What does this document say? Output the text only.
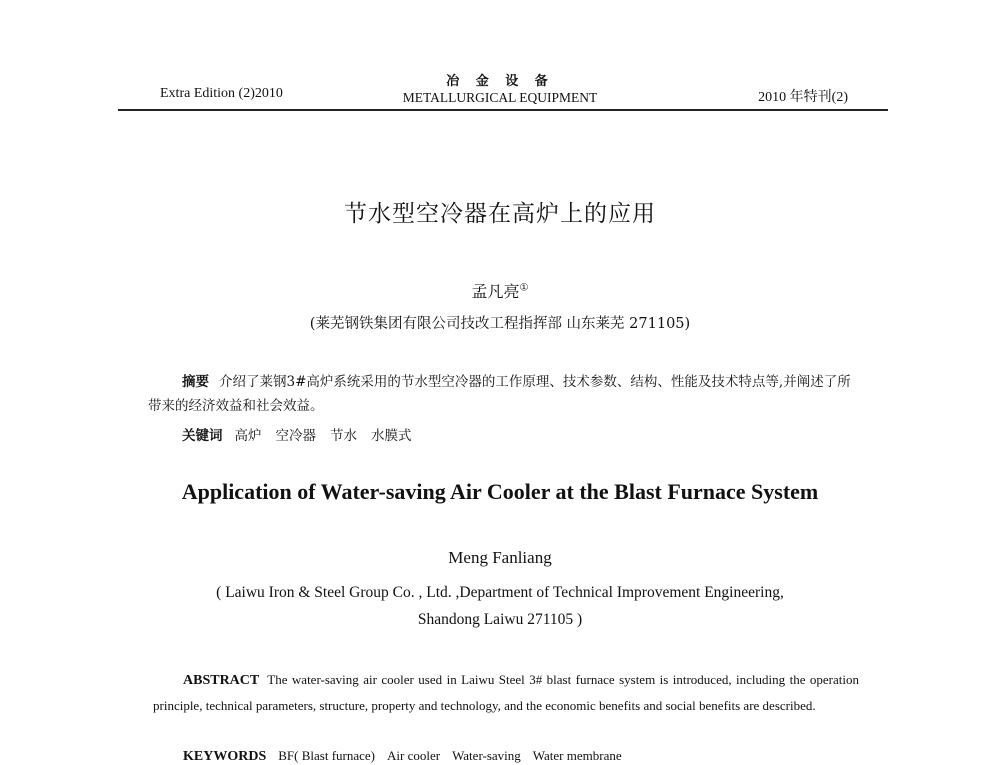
Extra Edition (2)2010
冶 金 设 备
METALLURGICAL EQUIPMENT	2010 年特刊(2)
节水型空冷器在高炉上的应用
孟凡亮①
(莱芜钢铁集团有限公司技改工程指挥部 山东莱芜 271105)
摘要 介绍了莱钢3#高炉系统采用的节水型空冷器的工作原理、技术参数、结构、性能及技术特点等,并阐述了所带来的经济效益和社会效益。
关键词 高炉 空冷器 节水 水膜式
Application of Water-saving Air Cooler at the Blast Furnace System
Meng Fanliang
( Laiwu Iron & Steel Group Co. , Ltd. ,Department of Technical Improvement Engineering,
Shandong Laiwu 271105 )
ABSTRACT The water-saving air cooler used in Laiwu Steel 3# blast furnace system is introduced, including the operation principle, technical parameters, structure, property and technology, and the economic benefits and social benefits are described.
KEYWORDS BF( Blast furnace) Air cooler Water-saving Water membrane
